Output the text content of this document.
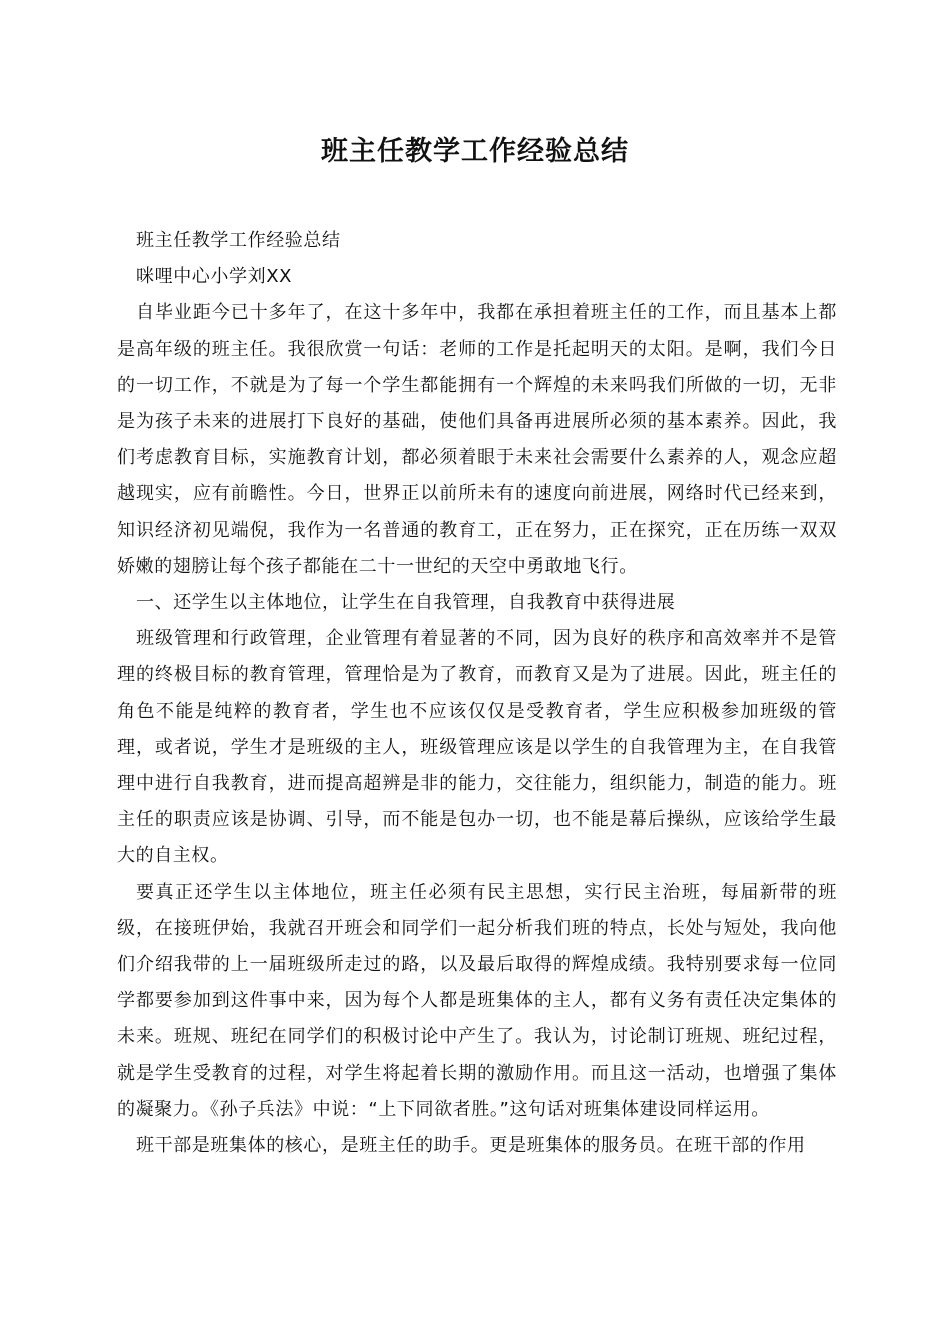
班主任教学工作经验总结

班主任教学工作经验总结

咪哩中心小学刘XX

自毕业距今已十多年了，在这十多年中，我都在承担着班主任的工作，而且基本上都是高年级的班主任。我很欣赏一句话：老师的工作是托起明天的太阳。是啊，我们今日的一切工作，不就是为了每一个学生都能拥有一个辉煌的未来吗我们所做的一切，无非是为孩子未来的进展打下良好的基础，使他们具备再进展所必须的基本素养。因此，我们考虑教育目标，实施教育计划，都必须着眼于未来社会需要什么素养的人，观念应超越现实，应有前瞻性。今日，世界正以前所未有的速度向前进展，网络时代已经来到，知识经济初见端倪，我作为一名普通的教育工，正在努力，正在探究，正在历练一双双娇嫩的翅膀让每个孩子都能在二十一世纪的天空中勇敢地飞行。

一、还学生以主体地位，让学生在自我管理，自我教育中获得进展

班级管理和行政管理，企业管理有着显著的不同，因为良好的秩序和高效率并不是管理的终极目标的教育管理，管理恰是为了教育，而教育又是为了进展。因此，班主任的角色不能是纯粹的教育者，学生也不应该仅仅是受教育者，学生应积极参加班级的管理，或者说，学生才是班级的主人，班级管理应该是以学生的自我管理为主，在自我管理中进行自我教育，进而提高超辨是非的能力，交往能力，组织能力，制造的能力。班主任的职责应该是协调、引导，而不能是包办一切，也不能是幕后操纵，应该给学生最大的自主权。

要真正还学生以主体地位，班主任必须有民主思想，实行民主治班，每届新带的班级，在接班伊始，我就召开班会和同学们一起分析我们班的特点，长处与短处，我向他们介绍我带的上一届班级所走过的路，以及最后取得的辉煌成绩。我特别要求每一位同学都要参加到这件事中来，因为每个人都是班集体的主人，都有义务有责任决定集体的未来。班规、班纪在同学们的积极讨论中产生了。我认为，讨论制订班规、班纪过程，就是学生受教育的过程，对学生将起着长期的激励作用。而且这一活动，也增强了集体的凝聚力。《孙子兵法》中说：“上下同欲者胜。”这句话对班集体建设同样运用。

班干部是班集体的核心，是班主任的助手。更是班集体的服务员。在班干部的作用
